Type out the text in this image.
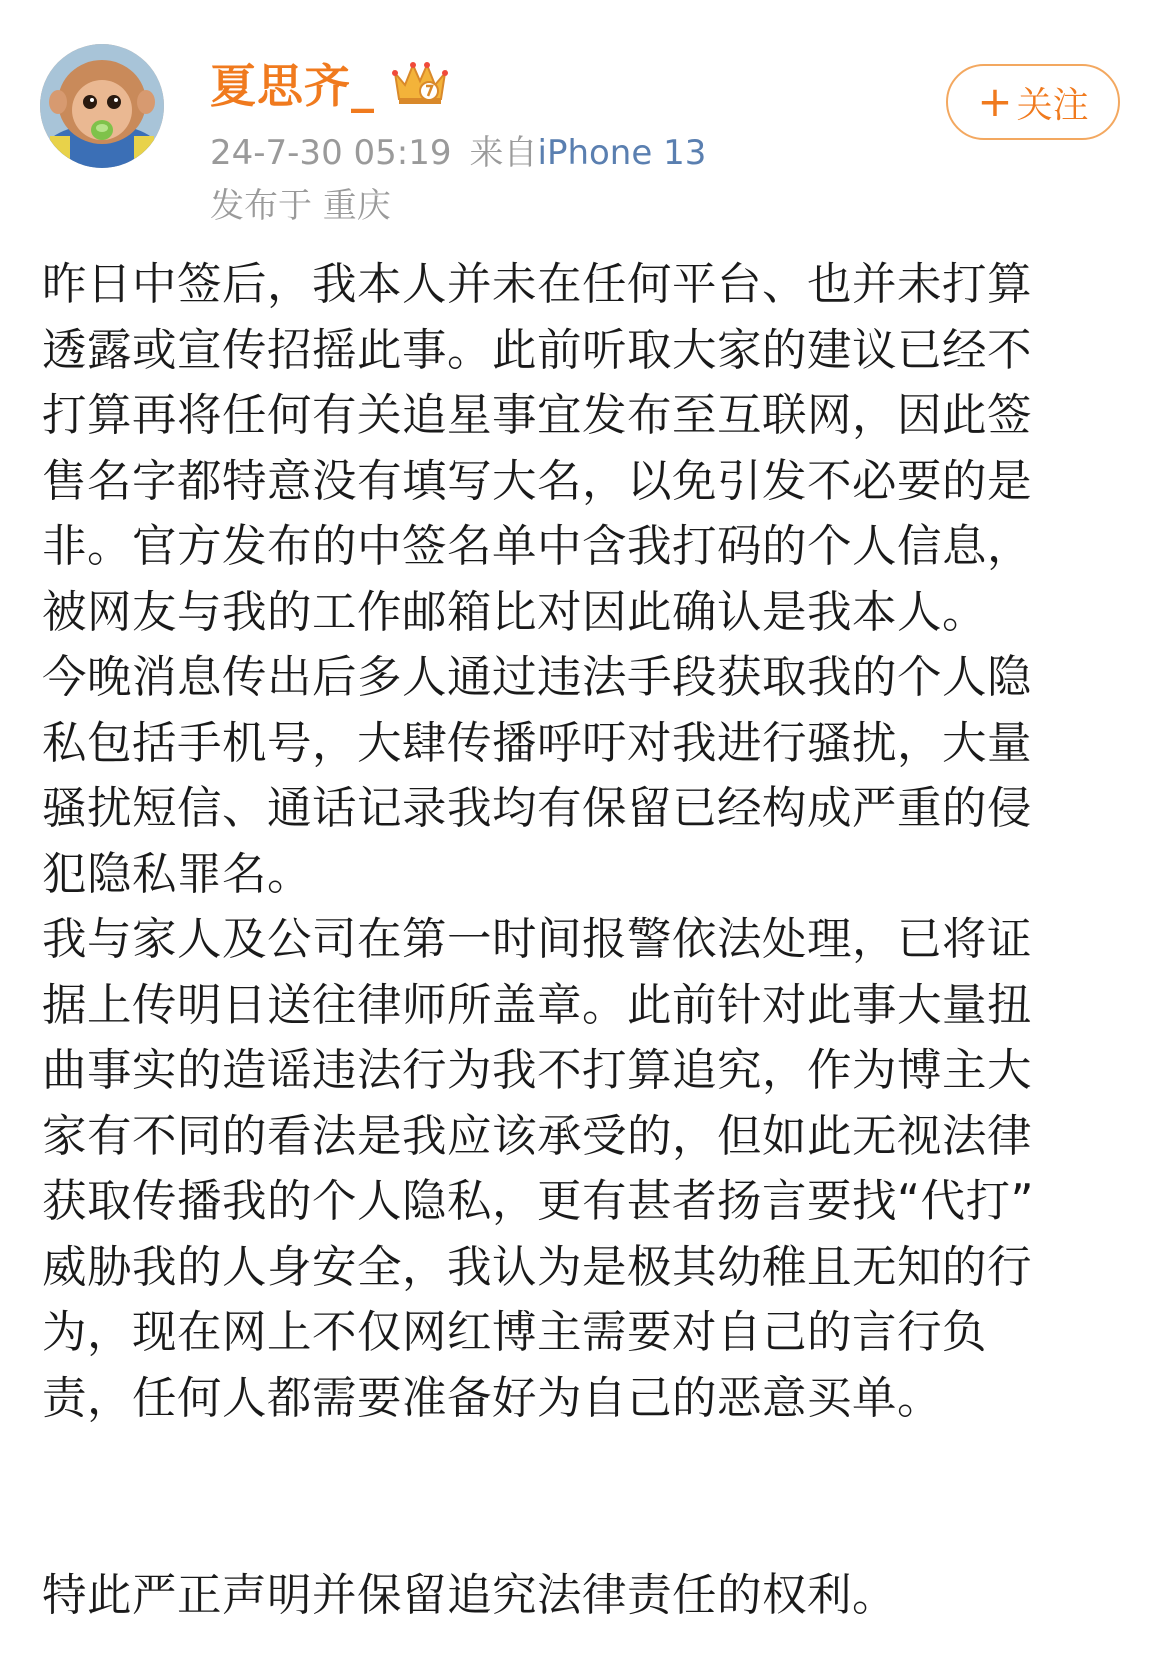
夏思齐_
24-7-30 05:19 来自iPhone 13
发布于 重庆
+ 关注
昨日中签后，我本人并未在任何平台、也并未打算
透露或宣传招摇此事。此前听取大家的建议已经不
打算再将任何有关追星事宜发布至互联网，因此签
售名字都特意没有填写大名，以免引发不必要的是
非。官方发布的中签名单中含我打码的个人信息，
被网友与我的工作邮箱比对因此确认是我本人。
今晚消息传出后多人通过违法手段获取我的个人隐
私包括手机号，大肆传播呼吁对我进行骚扰，大量
骚扰短信、通话记录我均有保留已经构成严重的侵
犯隐私罪名。
我与家人及公司在第一时间报警依法处理，已将证
据上传明日送往律师所盖章。此前针对此事大量扭
曲事实的造谣违法行为我不打算追究，作为博主大
家有不同的看法是我应该承受的，但如此无视法律
获取传播我的个人隐私，更有甚者扬言要找“代打”
威胁我的人身安全，我认为是极其幼稚且无知的行
为，现在网上不仅网红博主需要对自己的言行负
责，任何人都需要准备好为自己的恶意买单。
特此严正声明并保留追究法律责任的权利。
